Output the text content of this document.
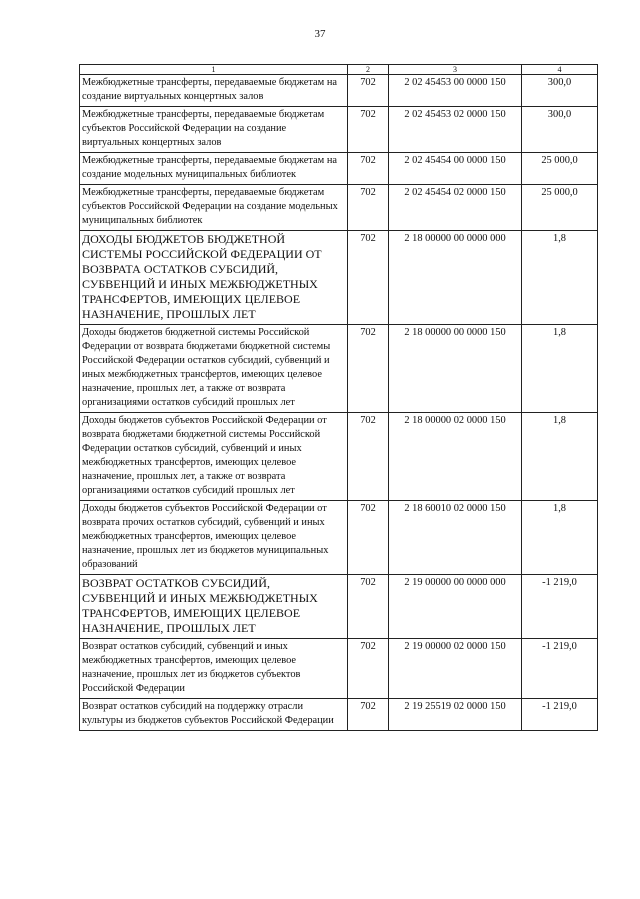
37
1	2	3	4
Межбюджетные трансферты, передаваемые бюджетам на создание виртуальных концертных залов	702	2 02 45453 00 0000 150	300,0
Межбюджетные трансферты, передаваемые бюджетам субъектов Российской Федерации на создание виртуальных концертных залов	702	2 02 45453 02 0000 150	300,0
Межбюджетные трансферты, передаваемые бюджетам на создание модельных муниципальных библиотек	702	2 02 45454 00 0000 150	25 000,0
Межбюджетные трансферты, передаваемые бюджетам субъектов Российской Федерации на создание модельных муниципальных библиотек	702	2 02 45454 02 0000 150	25 000,0
ДОХОДЫ БЮДЖЕТОВ БЮДЖЕТНОЙ СИСТЕМЫ РОССИЙСКОЙ ФЕДЕРАЦИИ ОТ ВОЗВРАТА ОСТАТКОВ СУБСИДИЙ, СУБВЕНЦИЙ И ИНЫХ МЕЖБЮДЖЕТНЫХ ТРАНСФЕРТОВ, ИМЕЮЩИХ ЦЕЛЕВОЕ НАЗНАЧЕНИЕ, ПРОШЛЫХ ЛЕТ	702	2 18 00000 00 0000 000	1,8
Доходы бюджетов бюджетной системы Российской Федерации от возврата бюджетами бюджетной системы Российской Федерации остатков субсидий, субвенций и иных межбюджетных трансфертов, имеющих целевое назначение, прошлых лет, а также от возврата организациями остатков субсидий прошлых лет	702	2 18 00000 00 0000 150	1,8
Доходы бюджетов субъектов Российской Федерации от возврата бюджетами бюджетной системы Российской Федерации остатков субсидий, субвенций и иных межбюджетных трансфертов, имеющих целевое назначение, прошлых лет, а также от возврата организациями остатков субсидий прошлых лет	702	2 18 00000 02 0000 150	1,8
Доходы бюджетов субъектов Российской Федерации от возврата прочих остатков субсидий, субвенций и иных межбюджетных трансфертов, имеющих целевое назначение, прошлых лет из бюджетов муниципальных образований	702	2 18 60010 02 0000 150	1,8
ВОЗВРАТ ОСТАТКОВ СУБСИДИЙ, СУБВЕНЦИЙ И ИНЫХ МЕЖБЮДЖЕТНЫХ ТРАНСФЕРТОВ, ИМЕЮЩИХ ЦЕЛЕВОЕ НАЗНАЧЕНИЕ, ПРОШЛЫХ ЛЕТ	702	2 19 00000 00 0000 000	-1 219,0
Возврат остатков субсидий, субвенций и иных межбюджетных трансфертов, имеющих целевое назначение, прошлых лет из бюджетов субъектов Российской Федерации	702	2 19 00000 02 0000 150	-1 219,0
Возврат остатков субсидий на поддержку отрасли культуры из бюджетов субъектов Российской Федерации	702	2 19 25519 02 0000 150	-1 219,0
